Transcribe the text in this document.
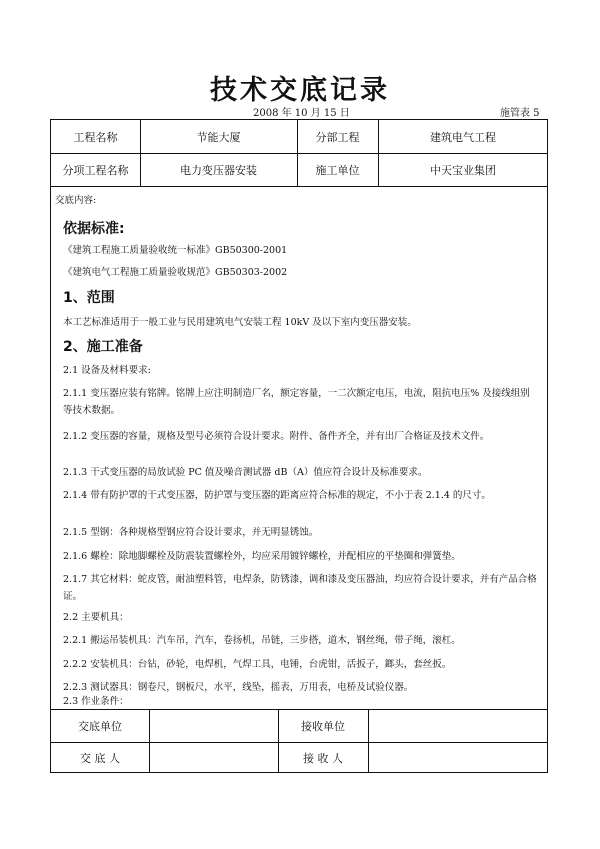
技术交底记录
2008 年 10 月 15 日	施管表 5
工程名称	节能大厦	分部工程	建筑电气工程
分项工程名称	电力变压器安装	施工单位	中天宝业集团
交底内容:
依据标准:
《建筑工程施工质量验收统一标准》GB50300-2001
《建筑电气工程施工质量验收规范》GB50303-2002
1、范围
本工艺标准适用于一般工业与民用建筑电气安装工程 10kV 及以下室内变压器安装。
2、施工准备
2.1 设备及材料要求:
2.1.1 变压器应装有铭牌。铭牌上应注明制造厂名，额定容量，一二次额定电压，电流，阻抗电压% 及接线组别等技术数据。
2.1.2 变压器的容量，规格及型号必须符合设计要求。附件、备件齐全，并有出厂合格证及技术文件。
2.1.3 干式变压器的局放试验 PC 值及噪音测试器 dB（A）值应符合设计及标准要求。
2.1.4 带有防护罩的干式变压器，防护罩与变压器的距离应符合标准的规定，不小于表 2.1.4 的尺寸。
2.1.5 型钢：各种规格型钢应符合设计要求，并无明显锈蚀。
2.1.6 螺栓：除地脚螺栓及防震装置螺栓外，均应采用镀锌螺栓，并配相应的平垫圈和弹簧垫。
2.1.7 其它材料：蛇皮管，耐油塑料管，电焊条，防锈漆，调和漆及变压器油，均应符合设计要求，并有产品合格证。
2.2 主要机具：
2.2.1 搬运吊装机具：汽车吊，汽车，卷扬机，吊链，三步搭，道木，钢丝绳，带子绳，滚杠。
2.2.2 安装机具：台钻，砂轮，电焊机，气焊工具，电锤，台虎钳，活扳子，鎯头，套丝扳。
2.2.3 测试器具：钢卷尺，钢板尺，水平，线坠，摇表，万用表，电桥及试验仪器。
2.3 作业条件：
交底单位	接收单位
交 底 人	接 收 人
